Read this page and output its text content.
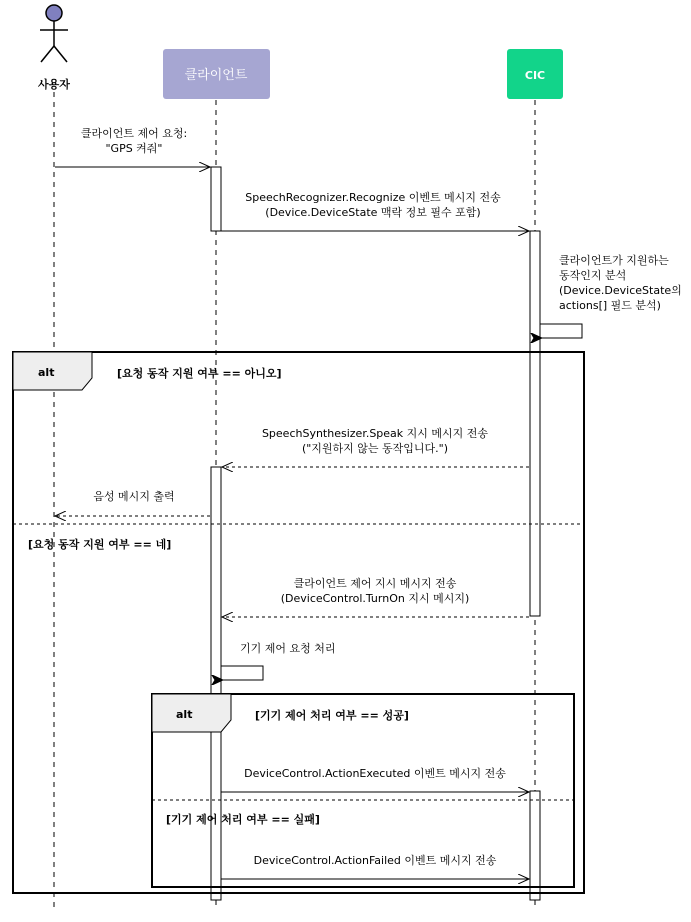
사용자
클라이언트	CIC
클라이언트 제어 요청:
"GPS 켜줘"
SpeechRecognizer.Recognize 이벤트 메시지 전송
(Device.DeviceState 맥락 정보 필수 포함)
클라이언트가 지원하는
동작인지 분석
(Device.DeviceState의
actions[] 필드 분석)
alt	[요청 동작 지원 여부 == 아니오]
[요청 동작 지원 여부 == 네]
SpeechSynthesizer.Speak 지시 메시지 전송
("지원하지 않는 동작입니다.")
음성 메시지 출력
클라이언트 제어 지시 메시지 전송
(DeviceControl.TurnOn 지시 메시지)
기기 제어 요청 처리
alt	[기기 제어 처리 여부 == 성공]
[기기 제어 처리 여부 == 실패]
DeviceControl.ActionExecuted 이벤트 메시지 전송
DeviceControl.ActionFailed 이벤트 메시지 전송
